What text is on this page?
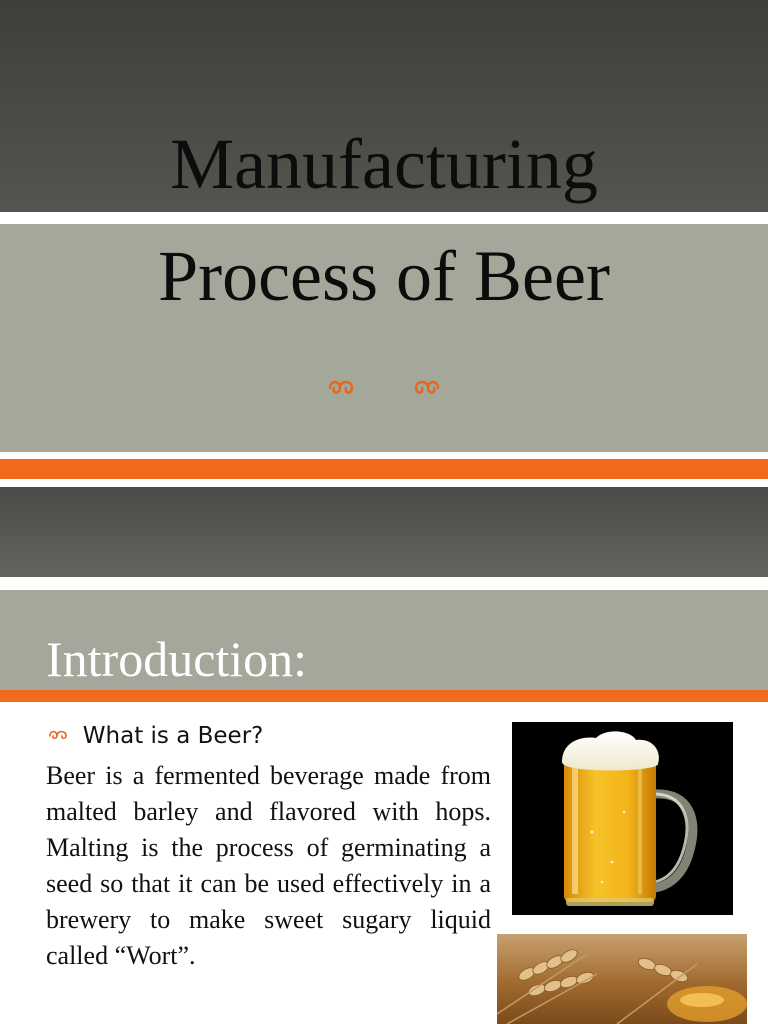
Manufacturing
Process of Beer
Introduction:
What is a Beer?

Beer is a fermented beverage made from malted barley and flavored with hops. Malting is the process of germinating a seed so that it can be used effectively in a brewery to make sweet sugary liquid called “Wort”.
